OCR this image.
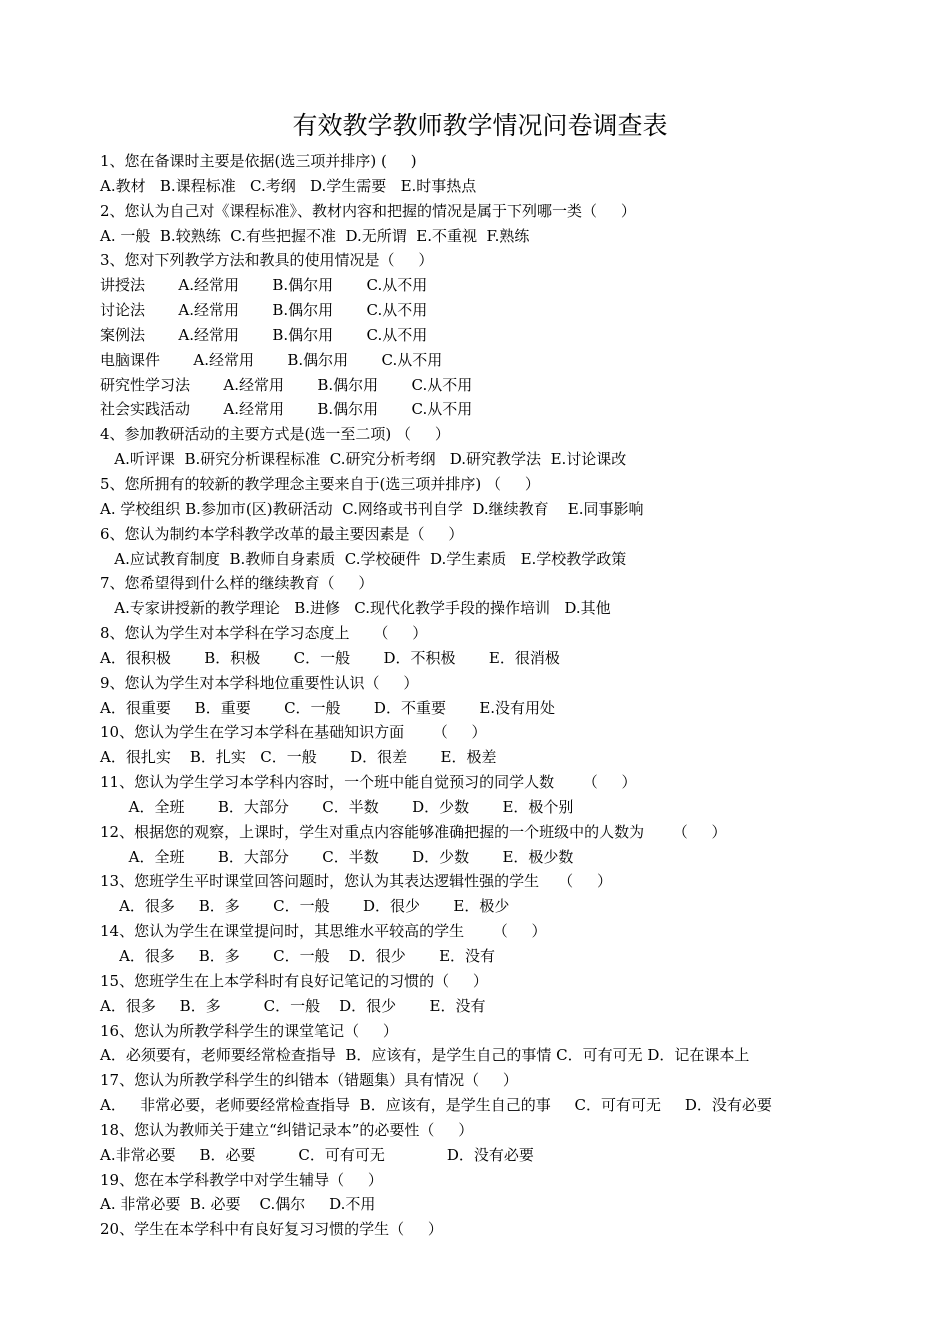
有效教学教师教学情况问卷调查表
1、您在备课时主要是依据(选三项并排序) (     )
A.教材   B.课程标准   C.考纲   D.学生需要   E.时事热点
2、您认为自己对《课程标准》、教材内容和把握的情况是属于下列哪一类（     ）
A. 一般  B.较熟练  C.有些把握不准  D.无所谓  E.不重视  F.熟练
3、您对下列教学方法和教具的使用情况是（     ）
讲授法       A.经常用       B.偶尔用       C.从不用
讨论法       A.经常用       B.偶尔用       C.从不用
案例法       A.经常用       B.偶尔用       C.从不用
电脑课件       A.经常用       B.偶尔用       C.从不用
研究性学习法       A.经常用       B.偶尔用       C.从不用
社会实践活动       A.经常用       B.偶尔用       C.从不用
4、参加教研活动的主要方式是(选一至二项) （     ）
A.听评课  B.研究分析课程标准  C.研究分析考纲   D.研究教学法  E.讨论课改
5、您所拥有的较新的教学理念主要来自于(选三项并排序) （     ）
A. 学校组织 B.参加市(区)教研活动  C.网络或书刊自学  D.继续教育    E.同事影响
6、您认为制约本学科教学改革的最主要因素是（     ）
A.应试教育制度  B.教师自身素质  C.学校硬件  D.学生素质   E.学校教学政策
7、您希望得到什么样的继续教育（     ）
A.专家讲授新的教学理论   B.进修   C.现代化教学手段的操作培训   D.其他
8、您认为学生对本学科在学习态度上     （     ）
A．很积极       B．积极       C．一般       D．不积极       E．很消极
9、您认为学生对本学科地位重要性认识（     ）
A．很重要     B．重要       C．一般       D．不重要       E.没有用处
10、您认为学生在学习本学科在基础知识方面      （     ）
A．很扎实    B．扎实   C．一般       D．很差       E．极差
11、您认为学生学习本学科内容时，一个班中能自觉预习的同学人数      （     ）
A．全班       B．大部分       C．半数       D．少数       E．极个别
12、根据您的观察，上课时，学生对重点内容能够准确把握的一个班级中的人数为      （     ）
A．全班       B．大部分       C．半数       D．少数       E．极少数
13、您班学生平时课堂回答问题时，您认为其表达逻辑性强的学生    （     ）
A．很多     B．多       C．一般       D．很少       E．极少
14、您认为学生在课堂提问时，其思维水平较高的学生      （     ）
A．很多     B．多       C．一般    D．很少       E．没有
15、您班学生在上本学科时有良好记笔记的习惯的（     ）
A．很多     B．多         C．一般    D．很少       E．没有
16、您认为所教学科学生的课堂笔记（     ）
A．必须要有，老师要经常检查指导  B．应该有，是学生自己的事情 C．可有可无 D．记在课本上
17、您认为所教学科学生的纠错本（错题集）具有情况（     ）
A．   非常必要，老师要经常检查指导  B．应该有，是学生自己的事     C．可有可无     D．没有必要
18、您认为教师关于建立“纠错记录本”的必要性（     ）
A.非常必要     B．必要         C．可有可无             D．没有必要
19、您在本学科教学中对学生辅导（     ）
A. 非常必要  B. 必要    C.偶尔     D.不用
20、学生在本学科中有良好复习习惯的学生（     ）
